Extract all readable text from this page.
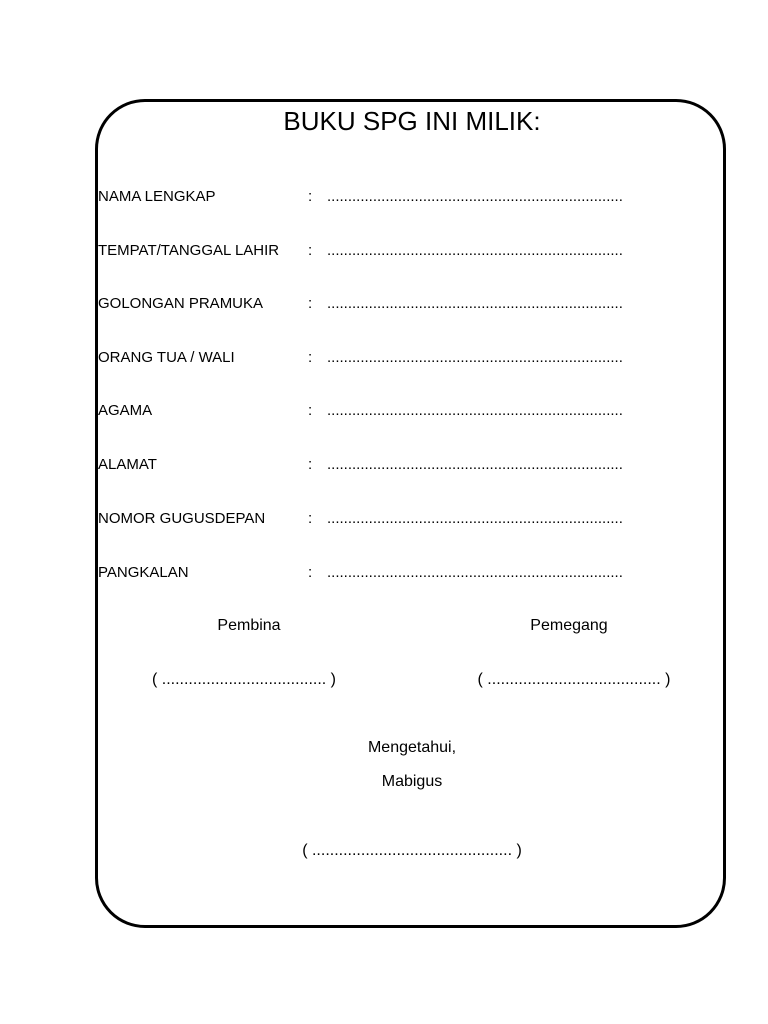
BUKU SPG INI MILIK:
NAMA LENGKAP	: .......................................................................
TEMPAT/TANGGAL LAHIR : .......................................................................
GOLONGAN PRAMUKA	: .......................................................................
ORANG TUA / WALI	: .......................................................................
AGAMA	: .......................................................................
ALAMAT	: .......................................................................
NOMOR GUGUSDEPAN	: .......................................................................
PANGKALAN	: .......................................................................
Pembina	Pemegang
( ..................................... )	( ....................................... )
Mengetahui,
Mabigus
( ............................................. )
